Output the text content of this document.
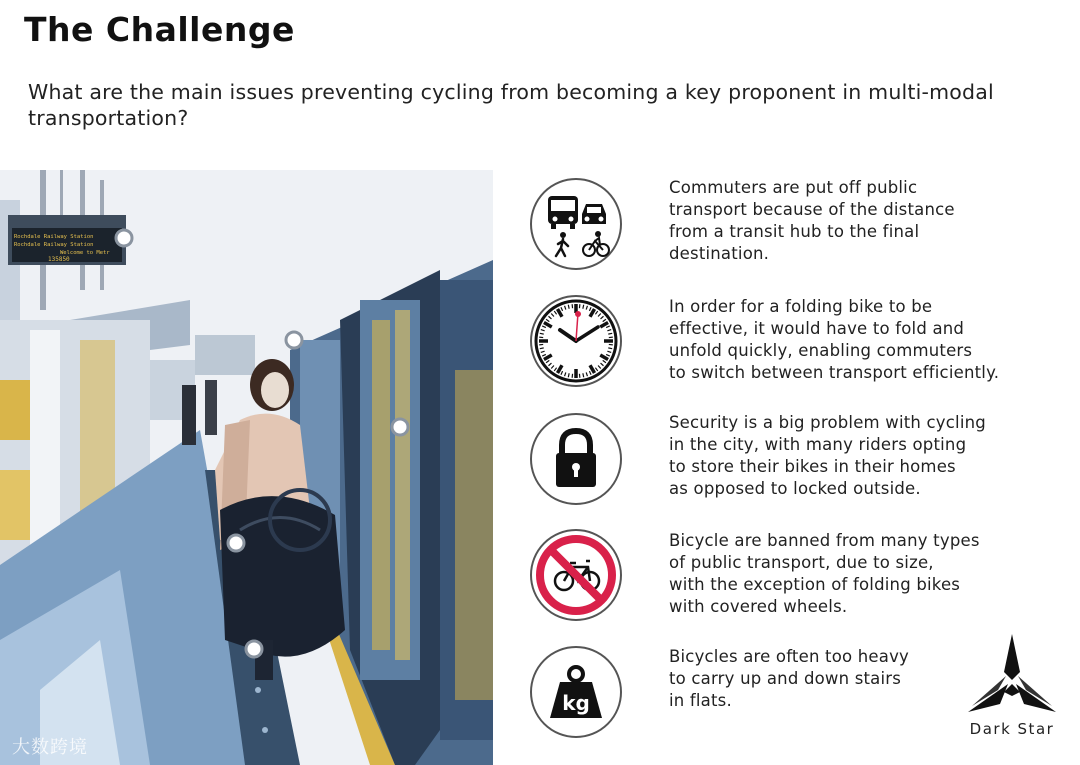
The Challenge
What are the main issues preventing cycling from becoming a key proponent in multi-modal transportation?
Rochdale Railway Station
Rochdale Railway Station
Welcome to Metr
135850
Commuters are put off public
transport because of the distance
from a transit hub to the final
destination.
In order for a folding bike to be
effective, it would have to fold and
unfold quickly, enabling commuters
to switch between transport efficiently.
Security is a big problem with cycling
in the city, with many riders opting
to store their bikes in their homes
as opposed to locked outside.
Bicycle are banned from many types
of public transport, due to size,
with the exception of folding bikes
with covered wheels.
kg
Bicycles are often too heavy
to carry up and down stairs
in flats.
Dark Star
大数跨境
